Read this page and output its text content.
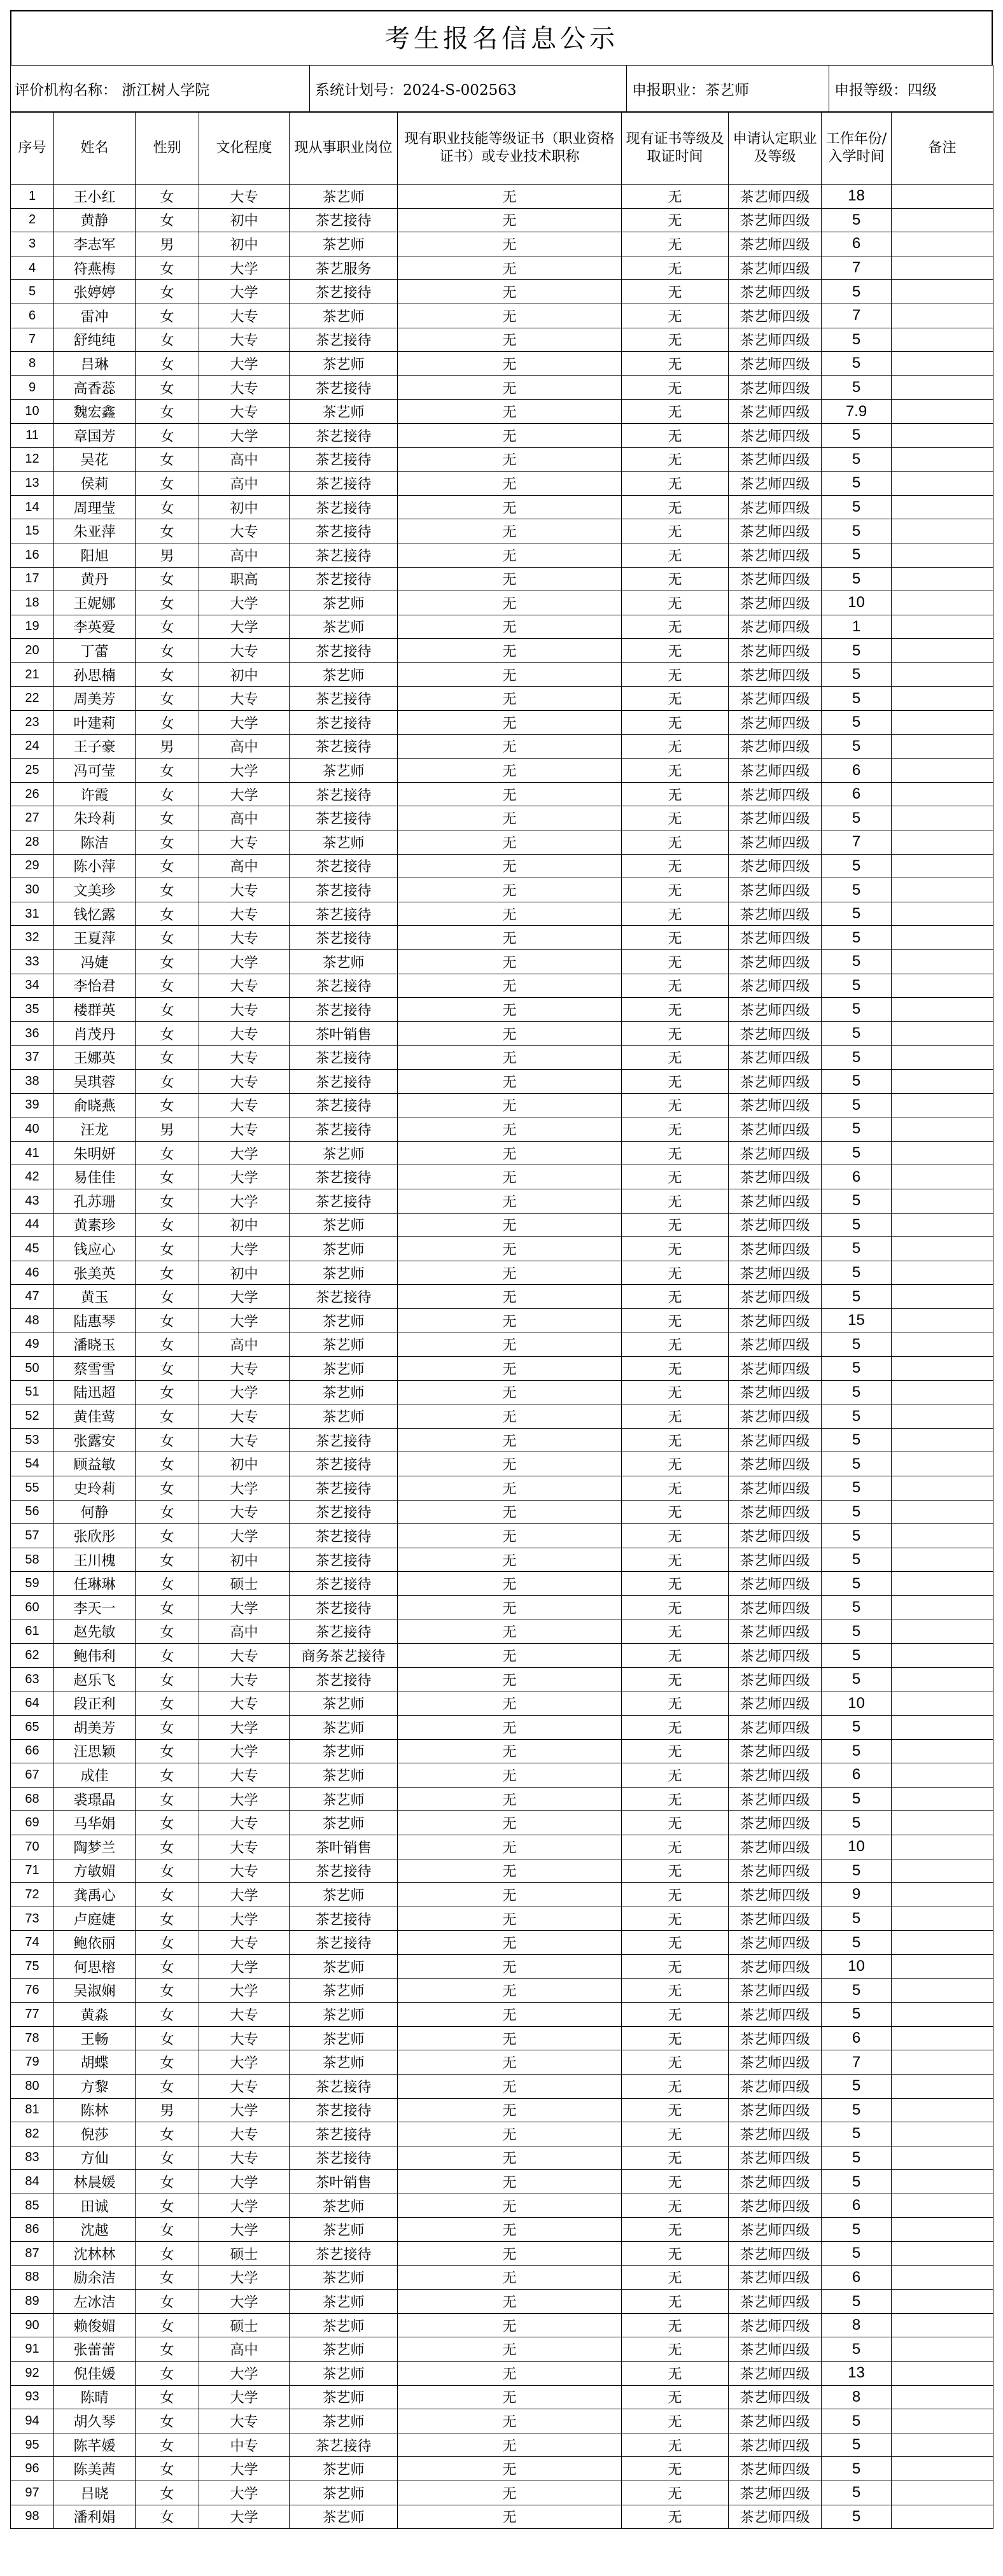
考生报名信息公示
评价机构名称： 浙江树人学院	系统计划号：2024-S-002563	申报职业：茶艺师	申报等级：四级
序号	姓名	性别	文化程度	现从事职业岗位	现有职业技能等级证书（职业资格证书）或专业技术职称	现有证书等级及取证时间	申请认定职业及等级	工作年份/入学时间	备注
1	王小红	女	大专	茶艺师	无	无	茶艺师四级	18	
2	黄静	女	初中	茶艺接待	无	无	茶艺师四级	5	
3	李志军	男	初中	茶艺师	无	无	茶艺师四级	6	
4	符燕梅	女	大学	茶艺服务	无	无	茶艺师四级	7	
5	张婷婷	女	大学	茶艺接待	无	无	茶艺师四级	5	
6	雷冲	女	大专	茶艺师	无	无	茶艺师四级	7	
7	舒纯纯	女	大专	茶艺接待	无	无	茶艺师四级	5	
8	吕琳	女	大学	茶艺师	无	无	茶艺师四级	5	
9	高香蕊	女	大专	茶艺接待	无	无	茶艺师四级	5	
10	魏宏鑫	女	大专	茶艺师	无	无	茶艺师四级	7.9	
11	章国芳	女	大学	茶艺接待	无	无	茶艺师四级	5	
12	吴花	女	高中	茶艺接待	无	无	茶艺师四级	5	
13	侯莉	女	高中	茶艺接待	无	无	茶艺师四级	5	
14	周理莹	女	初中	茶艺接待	无	无	茶艺师四级	5	
15	朱亚萍	女	大专	茶艺接待	无	无	茶艺师四级	5	
16	阳旭	男	高中	茶艺接待	无	无	茶艺师四级	5	
17	黄丹	女	职高	茶艺接待	无	无	茶艺师四级	5	
18	王妮娜	女	大学	茶艺师	无	无	茶艺师四级	10	
19	李英爱	女	大学	茶艺师	无	无	茶艺师四级	1	
20	丁蕾	女	大专	茶艺接待	无	无	茶艺师四级	5	
21	孙思楠	女	初中	茶艺师	无	无	茶艺师四级	5	
22	周美芳	女	大专	茶艺接待	无	无	茶艺师四级	5	
23	叶建莉	女	大学	茶艺接待	无	无	茶艺师四级	5	
24	王子豪	男	高中	茶艺接待	无	无	茶艺师四级	5	
25	冯可莹	女	大学	茶艺师	无	无	茶艺师四级	6	
26	许霞	女	大学	茶艺接待	无	无	茶艺师四级	6	
27	朱玲莉	女	高中	茶艺接待	无	无	茶艺师四级	5	
28	陈洁	女	大专	茶艺师	无	无	茶艺师四级	7	
29	陈小萍	女	高中	茶艺接待	无	无	茶艺师四级	5	
30	文美珍	女	大专	茶艺接待	无	无	茶艺师四级	5	
31	钱忆露	女	大专	茶艺接待	无	无	茶艺师四级	5	
32	王夏萍	女	大专	茶艺接待	无	无	茶艺师四级	5	
33	冯婕	女	大学	茶艺师	无	无	茶艺师四级	5	
34	李怡君	女	大专	茶艺接待	无	无	茶艺师四级	5	
35	楼群英	女	大专	茶艺接待	无	无	茶艺师四级	5	
36	肖茂丹	女	大专	茶叶销售	无	无	茶艺师四级	5	
37	王娜英	女	大专	茶艺接待	无	无	茶艺师四级	5	
38	吴琪蓉	女	大专	茶艺接待	无	无	茶艺师四级	5	
39	俞晓燕	女	大专	茶艺接待	无	无	茶艺师四级	5	
40	汪龙	男	大专	茶艺接待	无	无	茶艺师四级	5	
41	朱明妍	女	大学	茶艺师	无	无	茶艺师四级	5	
42	易佳佳	女	大学	茶艺接待	无	无	茶艺师四级	6	
43	孔苏珊	女	大学	茶艺接待	无	无	茶艺师四级	5	
44	黄素珍	女	初中	茶艺师	无	无	茶艺师四级	5	
45	钱应心	女	大学	茶艺师	无	无	茶艺师四级	5	
46	张美英	女	初中	茶艺师	无	无	茶艺师四级	5	
47	黄玉	女	大学	茶艺接待	无	无	茶艺师四级	5	
48	陆惠琴	女	大学	茶艺师	无	无	茶艺师四级	15	
49	潘晓玉	女	高中	茶艺师	无	无	茶艺师四级	5	
50	蔡雪雪	女	大专	茶艺师	无	无	茶艺师四级	5	
51	陆迅超	女	大学	茶艺师	无	无	茶艺师四级	5	
52	黄佳莺	女	大专	茶艺师	无	无	茶艺师四级	5	
53	张露安	女	大专	茶艺接待	无	无	茶艺师四级	5	
54	顾益敏	女	初中	茶艺接待	无	无	茶艺师四级	5	
55	史玲莉	女	大学	茶艺接待	无	无	茶艺师四级	5	
56	何静	女	大专	茶艺接待	无	无	茶艺师四级	5	
57	张欣彤	女	大学	茶艺接待	无	无	茶艺师四级	5	
58	王川槐	女	初中	茶艺接待	无	无	茶艺师四级	5	
59	任琳琳	女	硕士	茶艺接待	无	无	茶艺师四级	5	
60	李天一	女	大学	茶艺接待	无	无	茶艺师四级	5	
61	赵先敏	女	高中	茶艺接待	无	无	茶艺师四级	5	
62	鲍伟利	女	大专	商务茶艺接待	无	无	茶艺师四级	5	
63	赵乐飞	女	大专	茶艺接待	无	无	茶艺师四级	5	
64	段正利	女	大专	茶艺师	无	无	茶艺师四级	10	
65	胡美芳	女	大学	茶艺师	无	无	茶艺师四级	5	
66	汪思颖	女	大学	茶艺师	无	无	茶艺师四级	5	
67	成佳	女	大专	茶艺师	无	无	茶艺师四级	6	
68	裘璟晶	女	大学	茶艺师	无	无	茶艺师四级	5	
69	马华娟	女	大专	茶艺师	无	无	茶艺师四级	5	
70	陶梦兰	女	大专	茶叶销售	无	无	茶艺师四级	10	
71	方敏媚	女	大专	茶艺接待	无	无	茶艺师四级	5	
72	龚禹心	女	大学	茶艺师	无	无	茶艺师四级	9	
73	卢庭婕	女	大学	茶艺接待	无	无	茶艺师四级	5	
74	鲍依丽	女	大专	茶艺接待	无	无	茶艺师四级	5	
75	何思榕	女	大学	茶艺师	无	无	茶艺师四级	10	
76	吴淑娴	女	大学	茶艺师	无	无	茶艺师四级	5	
77	黄淼	女	大专	茶艺师	无	无	茶艺师四级	5	
78	王畅	女	大专	茶艺师	无	无	茶艺师四级	6	
79	胡蝶	女	大学	茶艺师	无	无	茶艺师四级	7	
80	方黎	女	大专	茶艺接待	无	无	茶艺师四级	5	
81	陈林	男	大学	茶艺接待	无	无	茶艺师四级	5	
82	倪莎	女	大专	茶艺接待	无	无	茶艺师四级	5	
83	方仙	女	大专	茶艺接待	无	无	茶艺师四级	5	
84	林晨媛	女	大学	茶叶销售	无	无	茶艺师四级	5	
85	田诚	女	大学	茶艺师	无	无	茶艺师四级	6	
86	沈越	女	大学	茶艺师	无	无	茶艺师四级	5	
87	沈林林	女	硕士	茶艺接待	无	无	茶艺师四级	5	
88	励余洁	女	大学	茶艺师	无	无	茶艺师四级	6	
89	左冰洁	女	大学	茶艺师	无	无	茶艺师四级	5	
90	赖俊媚	女	硕士	茶艺师	无	无	茶艺师四级	8	
91	张蕾蕾	女	高中	茶艺师	无	无	茶艺师四级	5	
92	倪佳媛	女	大学	茶艺师	无	无	茶艺师四级	13	
93	陈晴	女	大学	茶艺师	无	无	茶艺师四级	8	
94	胡久琴	女	大专	茶艺师	无	无	茶艺师四级	5	
95	陈芊媛	女	中专	茶艺接待	无	无	茶艺师四级	5	
96	陈美茜	女	大学	茶艺师	无	无	茶艺师四级	5	
97	吕晓	女	大学	茶艺师	无	无	茶艺师四级	5	
98	潘利娟	女	大学	茶艺师	无	无	茶艺师四级	5	
